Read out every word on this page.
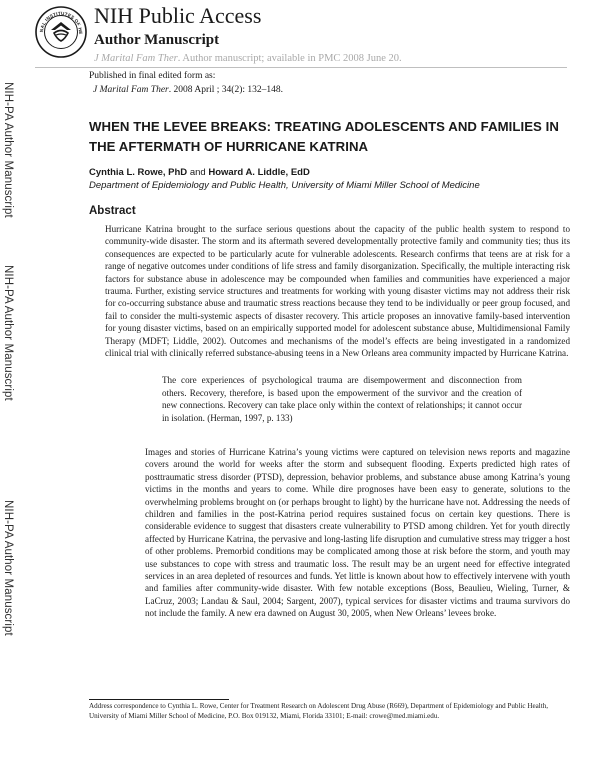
NAL INSTITUTES OF HE
NIH Public Access
Author Manuscript
J Marital Fam Ther. Author manuscript; available in PMC 2008 June 20.
Published in final edited form as:
J Marital Fam Ther. 2008 April ; 34(2): 132–148.
NIH-PA Author Manuscript
NIH-PA Author Manuscript
NIH-PA Author Manuscript
WHEN THE LEVEE BREAKS: TREATING ADOLESCENTS AND FAMILIES IN THE AFTERMATH OF HURRICANE KATRINA
Cynthia L. Rowe, PhD and Howard A. Liddle, EdD
Department of Epidemiology and Public Health, University of Miami Miller School of Medicine
Abstract

Hurricane Katrina brought to the surface serious questions about the capacity of the public health system to respond to community-wide disaster. The storm and its aftermath severed developmentally protective family and community ties; thus its consequences are expected to be particularly acute for vulnerable adolescents. Research confirms that teens are at risk for a range of negative outcomes under conditions of life stress and family disorganization. Specifically, the multiple interacting risk factors for substance abuse in adolescence may be compounded when families and communities have experienced a major trauma. Further, existing service structures and treatments for working with young disaster victims may not address their risk for co-occurring substance abuse and traumatic stress reactions because they tend to be individually or peer group focused, and fail to consider the multi-systemic aspects of disaster recovery. This article proposes an innovative family-based intervention for young disaster victims, based on an empirically supported model for adolescent substance abuse, Multidimensional Family Therapy (MDFT; Liddle, 2002). Outcomes and mechanisms of the model’s effects are being investigated in a randomized clinical trial with clinically referred substance-abusing teens in a New Orleans area community impacted by Hurricane Katrina.

The core experiences of psychological trauma are disempowerment and disconnection from others. Recovery, therefore, is based upon the empowerment of the survivor and the creation of new connections. Recovery can take place only within the context of relationships; it cannot occur in isolation. (Herman, 1997, p. 133)

Images and stories of Hurricane Katrina’s young victims were captured on television news reports and magazine covers around the world for weeks after the storm and subsequent flooding. Experts predicted high rates of posttraumatic stress disorder (PTSD), depression, behavior problems, and substance abuse among Katrina’s young victims in the months and years to come. While dire prognoses have been easy to generate, solutions to the overwhelming problems brought on (or perhaps brought to light) by the hurricane have not. Addressing the needs of children and families in the post-Katrina period requires sustained focus on certain key questions. There is considerable evidence to suggest that disasters create vulnerability to PTSD among children. Yet for youth directly affected by Hurricane Katrina, the pervasive and long-lasting life disruption and cumulative stress may trigger a host of other problems. Premorbid conditions may be complicated among those at risk before the storm, and youth may use substances to cope with stress and traumatic loss. The result may be an urgent need for effective integrated services in an area depleted of resources and funds. Yet little is known about how to effectively intervene with youth and families after community-wide disaster. With few notable exceptions (Boss, Beaulieu, Wieling, Turner, & LaCruz, 2003; Landau & Saul, 2004; Sargent, 2007), typical services for disaster victims and trauma survivors do not include the family. A new era dawned on August 30, 2005, when New Orleans’ levees broke.

Address correspondence to Cynthia L. Rowe, Center for Treatment Research on Adolescent Drug Abuse (R669), Department of Epidemiology and Public Health, University of Miami Miller School of Medicine, P.O. Box 019132, Miami, Florida 33101; E-mail: crowe@med.miami.edu.
